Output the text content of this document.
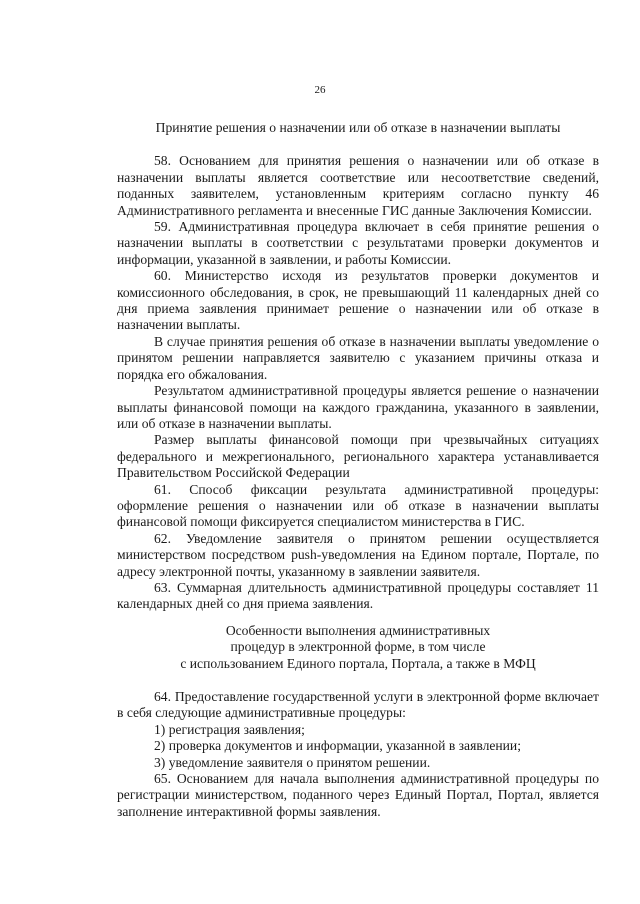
26

Принятие решения о назначении или об отказе в назначении выплаты

58. Основанием для принятия решения о назначении или об отказе в назначении выплаты является соответствие или несоответствие сведений, поданных заявителем, установленным критериям согласно пункту 46 Административного регламента и внесенные ГИС данные Заключения Комиссии.

59. Административная процедура включает в себя принятие решения о назначении выплаты в соответствии с результатами проверки документов и информации, указанной в заявлении, и работы Комиссии.

60. Министерство исходя из результатов проверки документов и комиссионного обследования, в срок, не превышающий 11 календарных дней со дня приема заявления принимает решение о назначении или об отказе в назначении выплаты.

В случае принятия решения об отказе в назначении выплаты уведомление о принятом решении направляется заявителю с указанием причины отказа и порядка его обжалования.

Результатом административной процедуры является решение о назначении выплаты финансовой помощи на каждого гражданина, указанного в заявлении, или об отказе в назначении выплаты.

Размер выплаты финансовой помощи при чрезвычайных ситуациях федерального и межрегионального, регионального характера устанавливается Правительством Российской Федерации

61. Способ фиксации результата административной процедуры: оформление решения о назначении или об отказе в назначении выплаты финансовой помощи фиксируется специалистом министерства в ГИС.

62. Уведомление заявителя о принятом решении осуществляется министерством посредством push-уведомления на Едином портале, Портале, по адресу электронной почты, указанному в заявлении заявителя.

63. Суммарная длительность административной процедуры составляет 11 календарных дней со дня приема заявления.

Особенности выполнения административных
процедур в электронной форме, в том числе
с использованием Единого портала, Портала, а также в МФЦ

64. Предоставление государственной услуги в электронной форме включает в себя следующие административные процедуры:

1) регистрация заявления;

2) проверка документов и информации, указанной в заявлении;

3) уведомление заявителя о принятом решении.

65. Основанием для начала выполнения административной процедуры по регистрации министерством, поданного через Единый Портал, Портал, является заполнение интерактивной формы заявления.
